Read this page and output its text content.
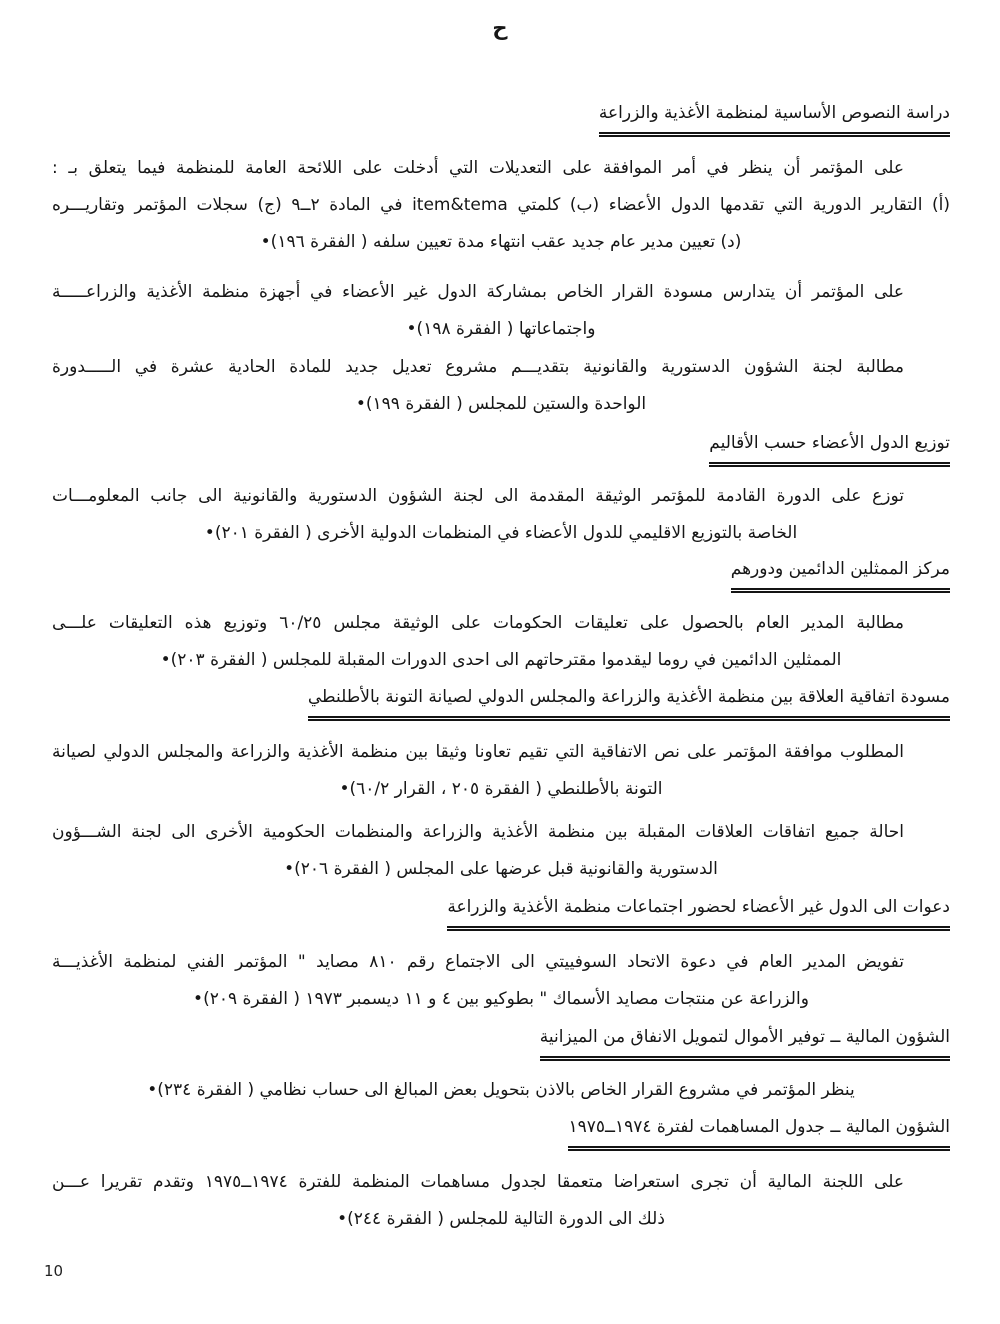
ح
دراسة النصوص الأساسية لمنظمة الأغذية والزراعة
على المؤتمر أن ينظر في أمر الموافقة على التعديلات التي أدخلت على اللائحة العامة للمنظمة فيما يتعلق بـ :
(أ) التقارير الدورية التي تقدمها الدول الأعضاء (ب) كلمتي item&tema في المادة ٢ــ٩ (ج) سجلات المؤتمر وتقاريـــره
(د) تعيين مدير عام جديد عقب انتهاء مدة تعيين سلفه ( الفقرة ١٩٦)•
على المؤتمر أن يتدارس مسودة القرار الخاص بمشاركة الدول غير الأعضاء في أجهزة منظمة الأغذية والزراعـــــة
واجتماعاتها ( الفقرة ١٩٨)•
مطالبة لجنة الشؤون الدستورية والقانونية بتقديـــم مشروع تعديل جديد للمادة الحادية عشرة في الـــــدورة
الواحدة والستين للمجلس ( الفقرة ١٩٩)•
توزيع الدول الأعضاء حسب الأقاليم
توزع على الدورة القادمة للمؤتمر الوثيقة المقدمة الى لجنة الشؤون الدستورية والقانونية الى جانب المعلومـــات
الخاصة بالتوزيع الاقليمي للدول الأعضاء في المنظمات الدولية الأخرى ( الفقرة ٢٠١)•
مركز الممثلين الدائمين ودورهم
مطالبة المدير العام بالحصول على تعليقات الحكومات على الوثيقة مجلس ٦٠/٢٥ وتوزيع هذه التعليقات علـــى
الممثلين الدائمين في روما ليقدموا مقترحاتهم الى احدى الدورات المقبلة للمجلس ( الفقرة ٢٠٣)•
مسودة اتفاقية العلاقة بين منظمة الأغذية والزراعة والمجلس الدولي لصيانة التونة بالأطلنطي
المطلوب موافقة المؤتمر على نص الاتفاقية التي تقيم تعاونا وثيقا بين منظمة الأغذية والزراعة والمجلس الدولي لصيانة
التونة بالأطلنطي ( الفقرة ٢٠٥ ، القرار ٦٠/٢)•
احالة جميع اتفاقات العلاقات المقبلة بين منظمة الأغذية والزراعة والمنظمات الحكومية الأخرى الى لجنة الشـــؤون
الدستورية والقانونية قبل عرضها على المجلس ( الفقرة ٢٠٦)•
دعوات الى الدول غير الأعضاء لحضور اجتماعات منظمة الأغذية والزراعة
تفويض المدير العام في دعوة الاتحاد السوفييتي الى الاجتماع رقم ٨١٠ مصايد " المؤتمر الفني لمنظمة الأغذيـــة
والزراعة عن منتجات مصايد الأسماك " بطوكيو بين ٤ و ١١ ديسمبر ١٩٧٣ ( الفقرة ٢٠٩)•
الشؤون المالية ــ توفير الأموال لتمويل الانفاق من الميزانية
ينظر المؤتمر في مشروع القرار الخاص بالاذن بتحويل بعض المبالغ الى حساب نظامي ( الفقرة ٢٣٤)•
الشؤون المالية ــ جدول المساهمات لفترة ١٩٧٤ــ١٩٧٥
على اللجنة المالية أن تجرى استعراضا متعمقا لجدول مساهمات المنظمة للفترة ١٩٧٤ــ١٩٧٥ وتقدم تقريرا عـــن
ذلك الى الدورة التالية للمجلس ( الفقرة ٢٤٤)•
10
